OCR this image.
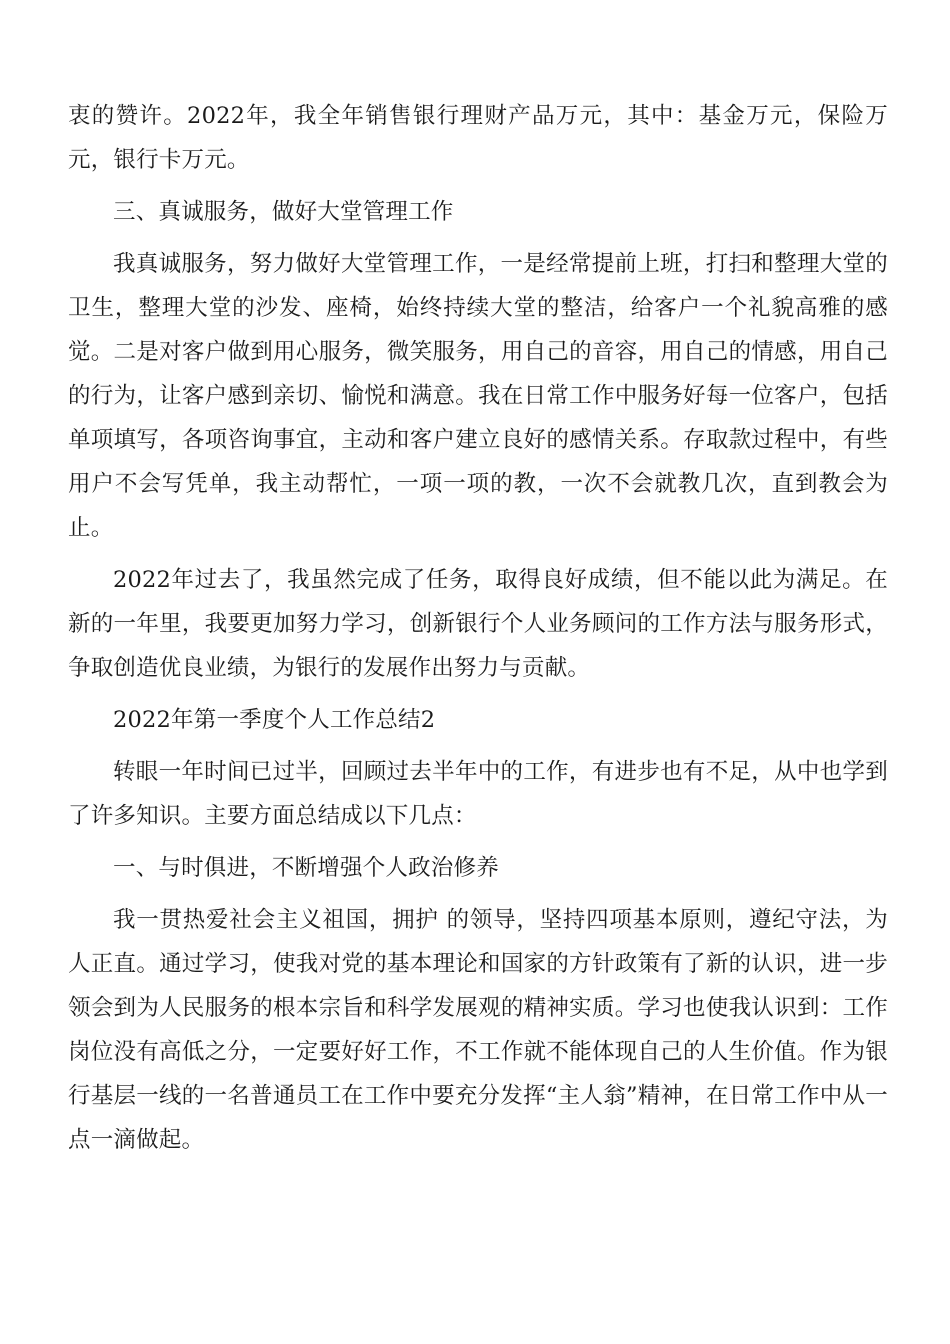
衷的赞许。2022年，我全年销售银行理财产品万元，其中：基金万元，保险万元，银行卡万元。

三、真诚服务，做好大堂管理工作

我真诚服务，努力做好大堂管理工作，一是经常提前上班，打扫和整理大堂的卫生，整理大堂的沙发、座椅，始终持续大堂的整洁，给客户一个礼貌高雅的感觉。二是对客户做到用心服务，微笑服务，用自己的音容，用自己的情感，用自己的行为，让客户感到亲切、愉悦和满意。我在日常工作中服务好每一位客户，包括单项填写，各项咨询事宜，主动和客户建立良好的感情关系。存取款过程中，有些用户不会写凭单，我主动帮忙，一项一项的教，一次不会就教几次，直到教会为止。

2022年过去了，我虽然完成了任务，取得良好成绩，但不能以此为满足。在新的一年里，我要更加努力学习，创新银行个人业务顾问的工作方法与服务形式，争取创造优良业绩，为银行的发展作出努力与贡献。

2022年第一季度个人工作总结2

转眼一年时间已过半，回顾过去半年中的工作，有进步也有不足，从中也学到了许多知识。主要方面总结成以下几点：

一、与时俱进，不断增强个人政治修养

我一贯热爱社会主义祖国，拥护 的领导，坚持四项基本原则，遵纪守法，为人正直。通过学习，使我对党的基本理论和国家的方针政策有了新的认识，进一步领会到为人民服务的根本宗旨和科学发展观的精神实质。学习也使我认识到：工作岗位没有高低之分，一定要好好工作，不工作就不能体现自己的人生价值。作为银行基层一线的一名普通员工在工作中要充分发挥“主人翁”精神，在日常工作中从一点一滴做起。
